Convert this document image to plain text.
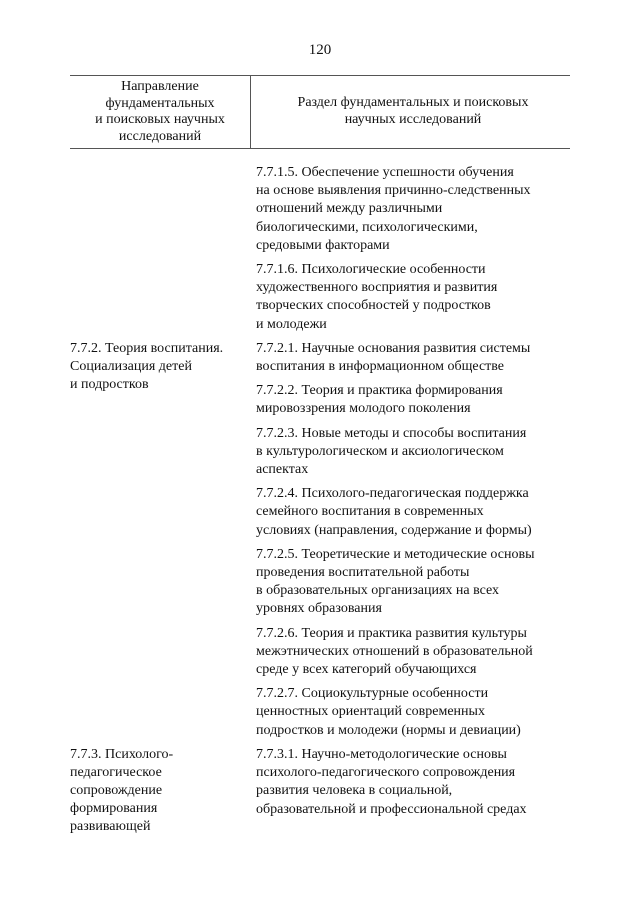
120
Направление
фундаментальных
и поисковых научных
исследований
Раздел фундаментальных и поисковых
научных исследований
7.7.1.5. Обеспечение успешности обучения
на основе выявления причинно-следственных
отношений между различными
биологическими, психологическими,
средовыми факторами
7.7.1.6. Психологические особенности
художественного восприятия и развития
творческих способностей у подростков
и молодежи
7.7.2. Теория воспитания.
Социализация детей
и подростков
7.7.2.1. Научные основания развития системы
воспитания в информационном обществе
7.7.2.2. Теория и практика формирования
мировоззрения молодого поколения
7.7.2.3. Новые методы и способы воспитания
в культурологическом и аксиологическом
аспектах
7.7.2.4. Психолого-педагогическая поддержка
семейного воспитания в современных
условиях (направления, содержание и формы)
7.7.2.5. Теоретические и методические основы
проведения воспитательной работы
в образовательных организациях на всех
уровнях образования
7.7.2.6. Теория и практика развития культуры
межэтнических отношений в образовательной
среде у всех категорий обучающихся
7.7.2.7. Социокультурные особенности
ценностных ориентаций современных
подростков и молодежи (нормы и девиации)
7.7.3. Психолого-
педагогическое
сопровождение
формирования
развивающей
7.7.3.1. Научно-методологические основы
психолого-педагогического сопровождения
развития человека в социальной,
образовательной и профессиональной средах
